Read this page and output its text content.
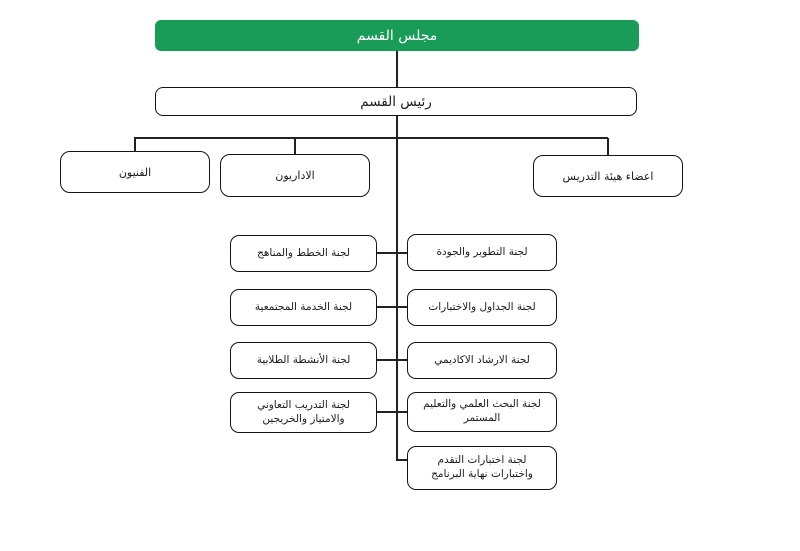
مجلس القسم
رئيس القسم
الفنيون	الاداريون	اعضاء هيئة التدريس
لجنة الخطط والمناهج
لجنة الخدمة المجتمعية
لجنة الأنشطة الطلابية
لجنة التدريب التعاوني والامتياز والخريجين
لجنة التطوير والجودة
لجنة الجداول والاختبارات
لجنة الارشاد الاكاديمي
لجنة البحث العلمي والتعليم المستمر
لجنة اختبارات التقدم واختبارات نهاية البرنامج
